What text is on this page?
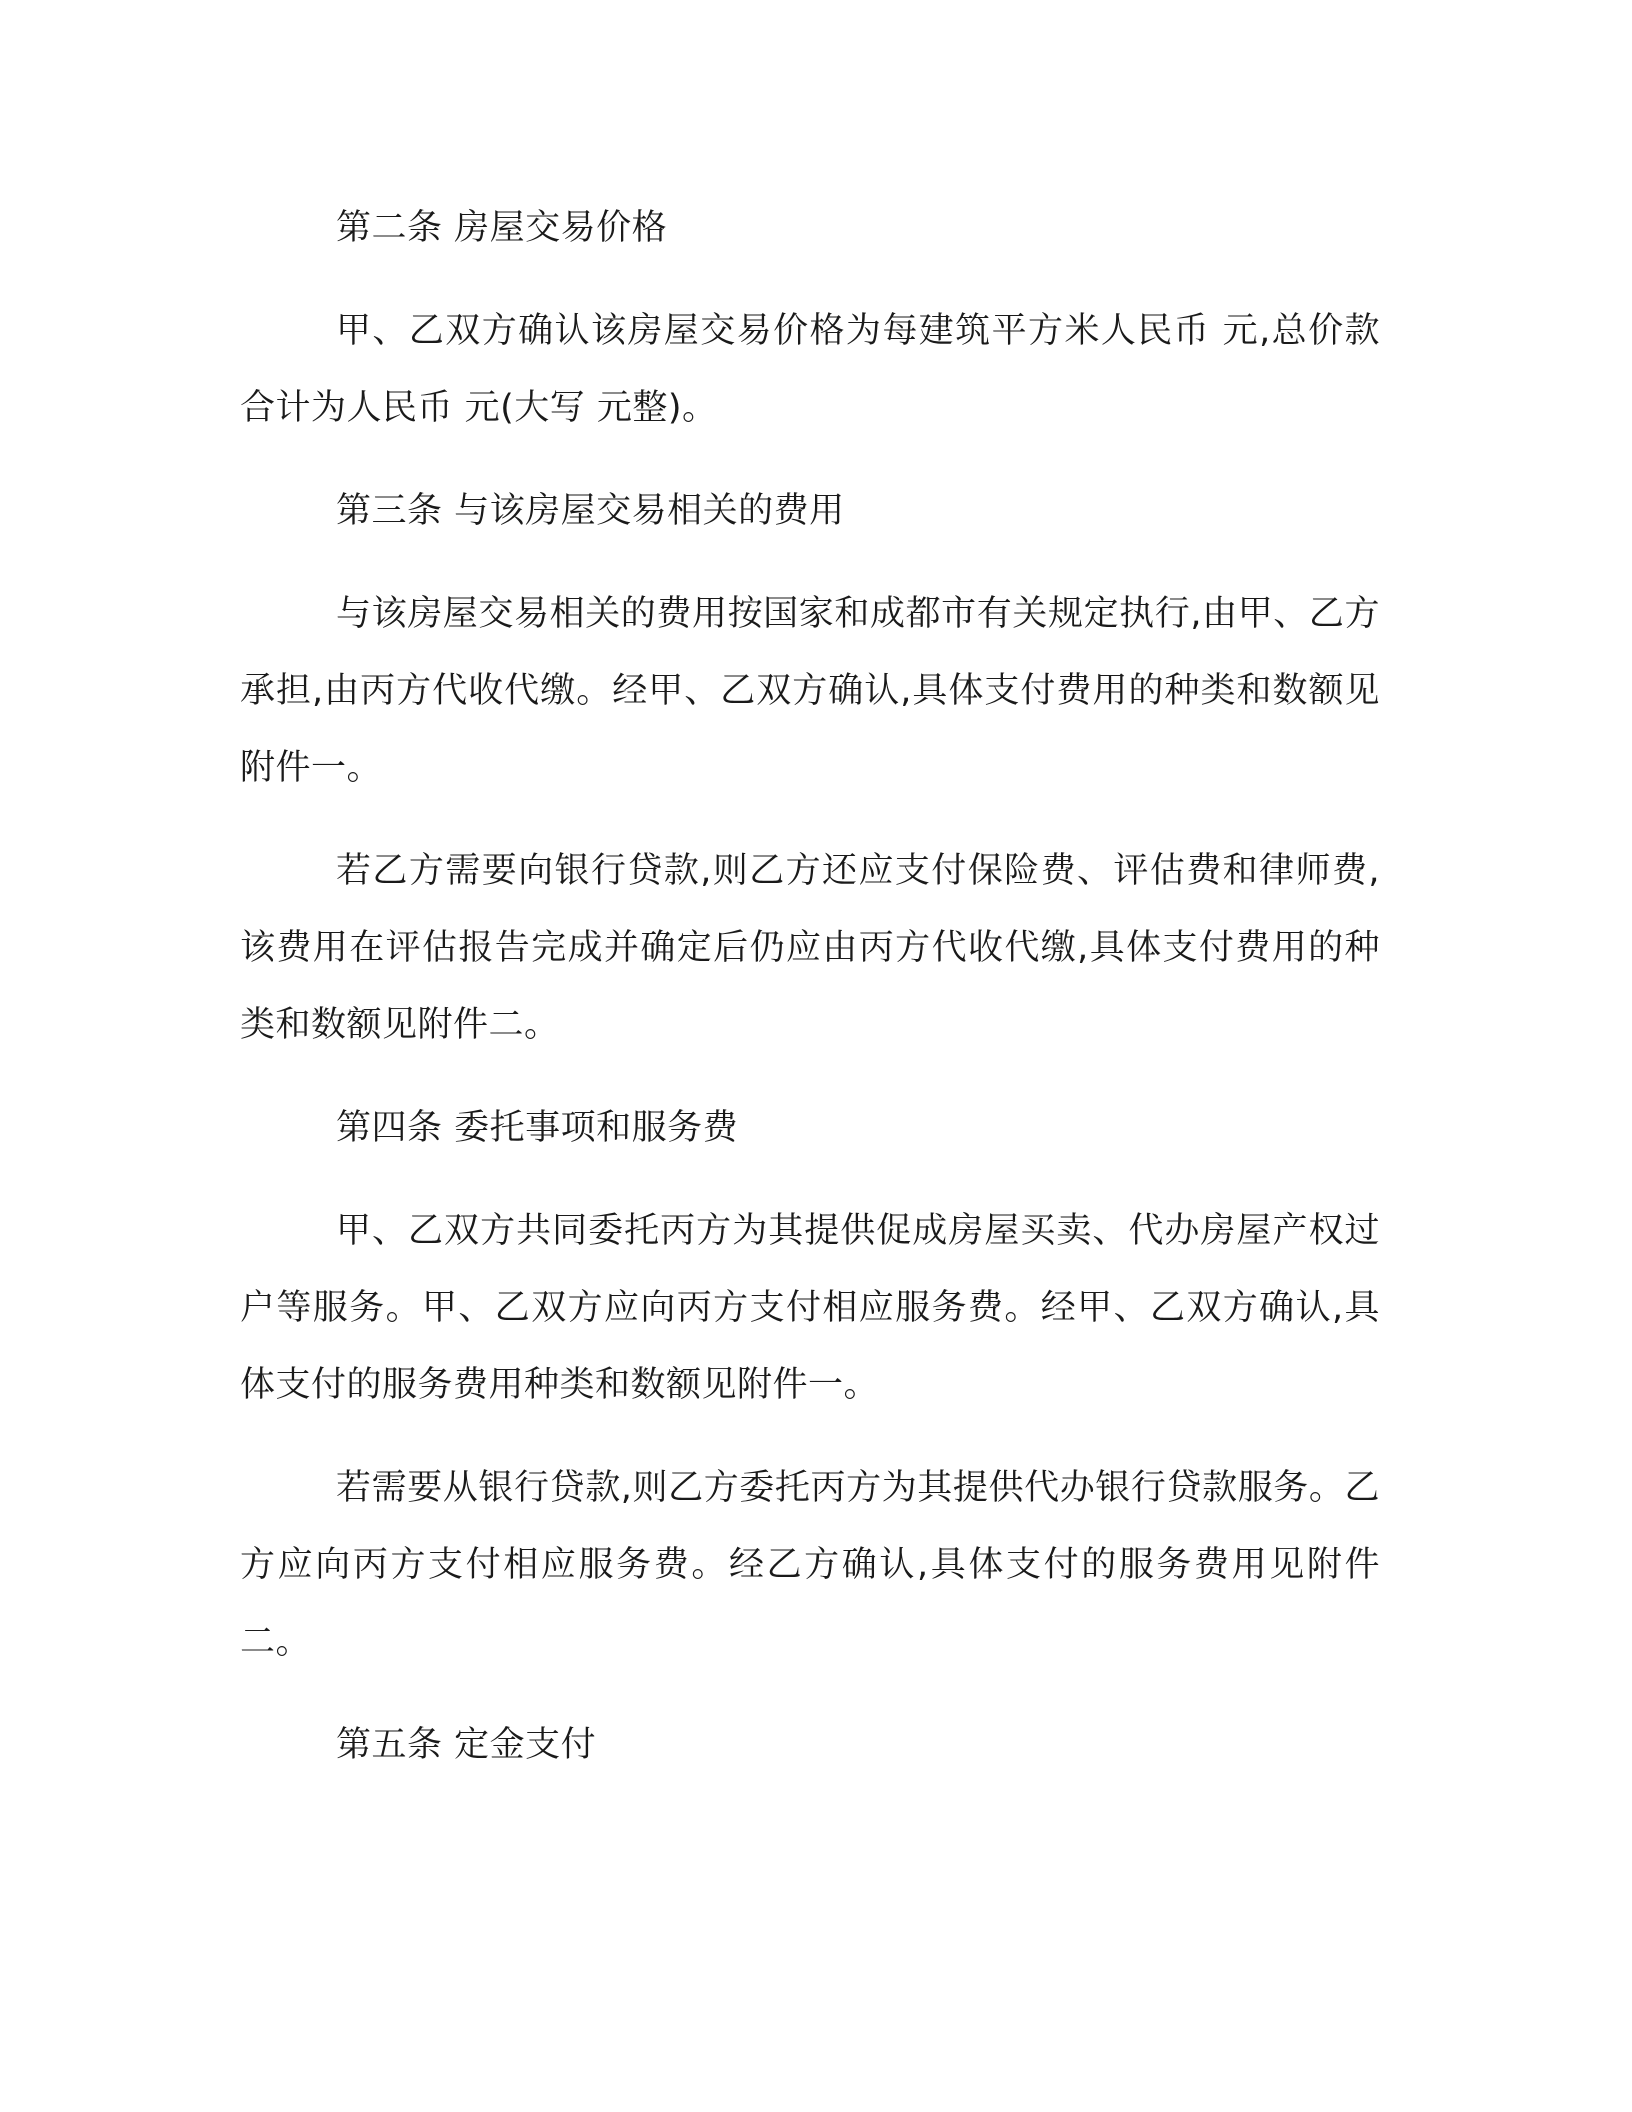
第二条 房屋交易价格

甲、乙双方确认该房屋交易价格为每建筑平方米人民币 元,总价款合计为人民币 元(大写 元整)。

第三条 与该房屋交易相关的费用

与该房屋交易相关的费用按国家和成都市有关规定执行,由甲、乙方承担,由丙方代收代缴。经甲、乙双方确认,具体支付费用的种类和数额见附件一。

若乙方需要向银行贷款,则乙方还应支付保险费、评估费和律师费,该费用在评估报告完成并确定后仍应由丙方代收代缴,具体支付费用的种类和数额见附件二。

第四条 委托事项和服务费

甲、乙双方共同委托丙方为其提供促成房屋买卖、代办房屋产权过户等服务。甲、乙双方应向丙方支付相应服务费。经甲、乙双方确认,具体支付的服务费用种类和数额见附件一。

若需要从银行贷款,则乙方委托丙方为其提供代办银行贷款服务。乙方应向丙方支付相应服务费。经乙方确认,具体支付的服务费用见附件二。

第五条 定金支付
